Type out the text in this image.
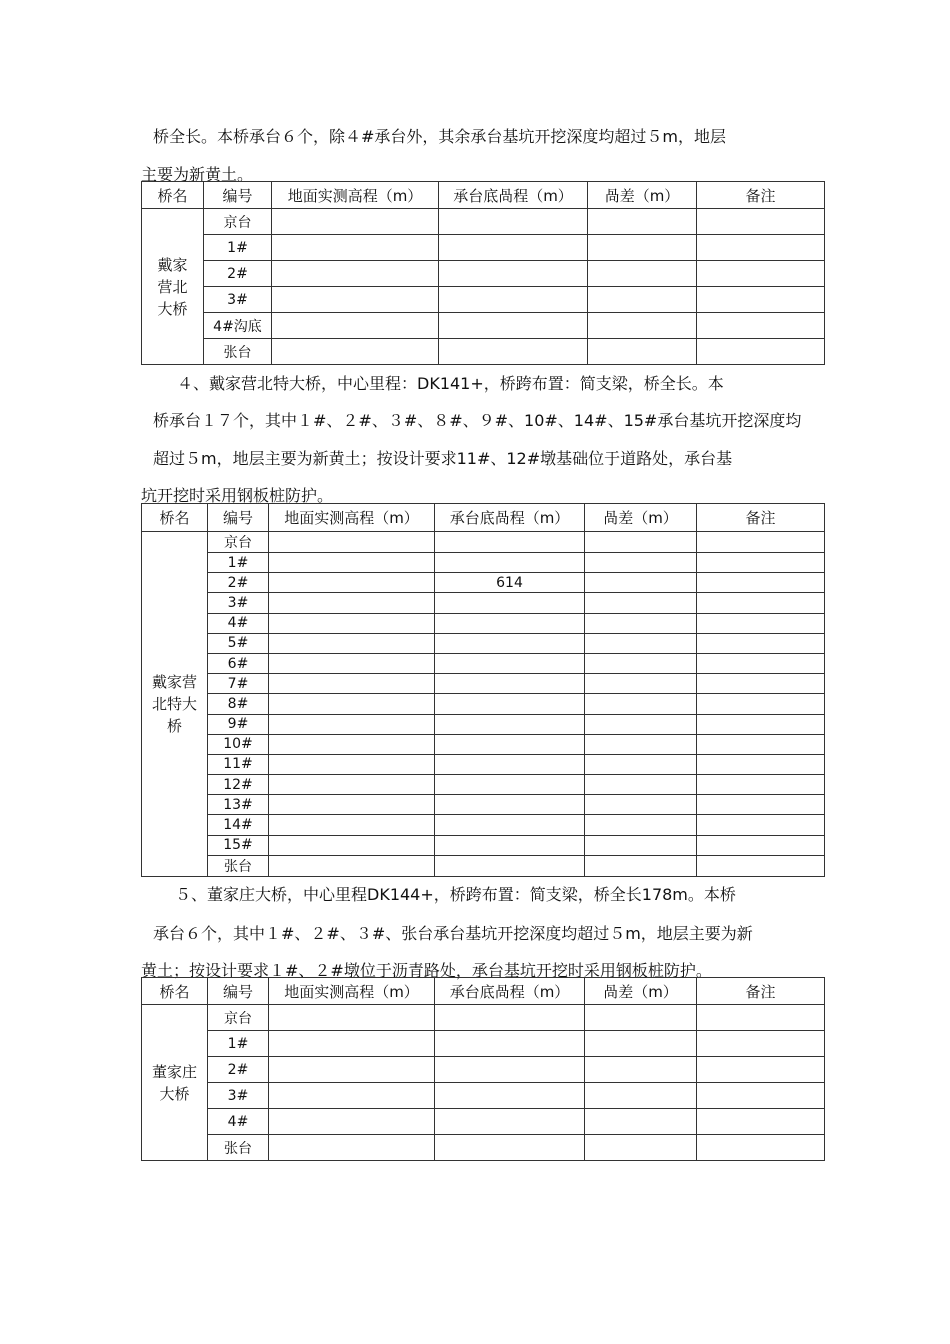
桥全长。本桥承台６个，除４#承台外，其余承台基坑开挖深度均超过５m，地层
主要为新黄土。
桥名	编号	地面实测高程（m）	承台底咼程（m）	咼差（m）	备注

戴家
营北
大桥	京台				
	1#				
	2#				
	3#				
	4#沟底				
	张台				
４、戴家营北特大桥，中心里程：DK141+，桥跨布置：简支梁，桥全长。本
桥承台１７个，其中１#、２#、３#、８#、９#、10#、14#、15#承台基坑开挖深度均
超过５m，地层主要为新黄土；按设计要求11#、12#墩基础位于道路处，承台基
坑开挖时采用钢板桩防护。
桥名	编号	地面实测高程（m）	承台底咼程（m）	咼差（m）	备注

戴家营
北特大
桥	京台				
	1#				
	2#		614		
	3#				
	4#				
	5#				
	6#				
	7#				
	8#				
	9#				
	10#				
	11#				
	12#				
	13#				
	14#				
	15#				
	张台				
５、董家庄大桥，中心里程DK144+，桥跨布置：简支梁，桥全长178m。本桥
承台６个，其中１#、２#、３#、张台承台基坑开挖深度均超过５m，地层主要为新
黄土；按设计要求１#、２#墩位于沥青路处，承台基坑开挖时采用钢板桩防护。
桥名	编号	地面实测高程（m）	承台底咼程（m）	咼差（m）	备注

董家庄
大桥	京台				
	1#				
	2#				
	3#				
	4#				
	张台				
